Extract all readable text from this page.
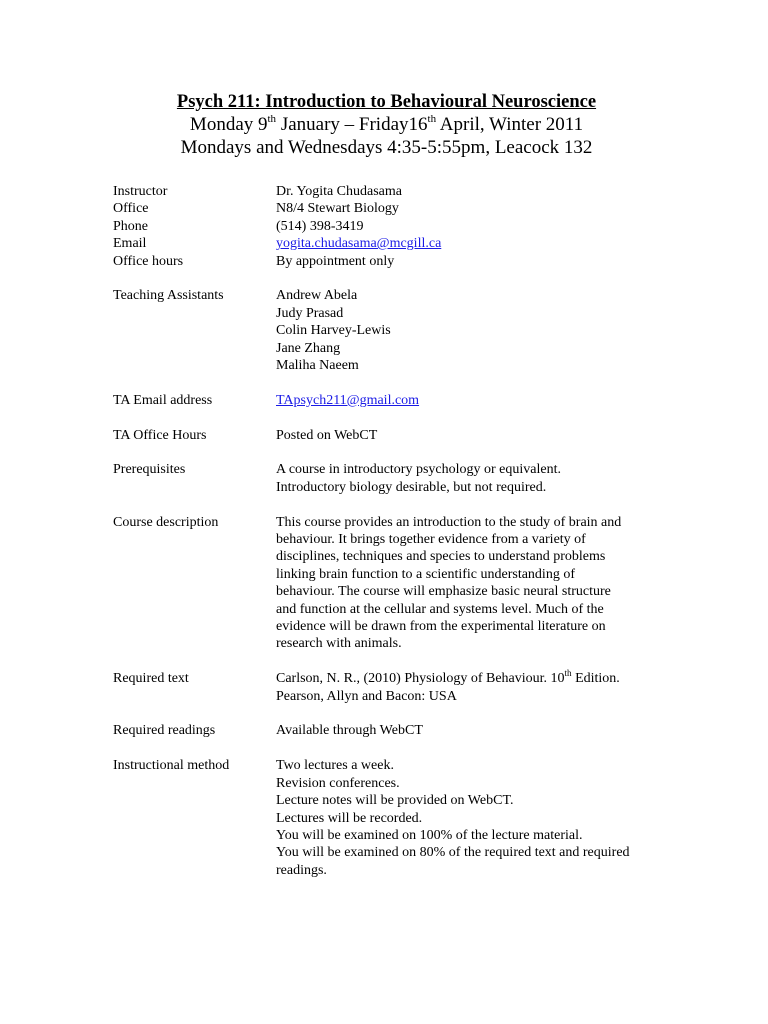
Psych 211: Introduction to Behavioural Neuroscience

Monday 9th January – Friday16th April, Winter 2011

Mondays and Wednesdays 4:35-5:55pm, Leacock 132

Instructor	Dr. Yogita Chudasama
Office	N8/4 Stewart Biology
Phone	(514) 398-3419
Email	yogita.chudasama@mcgill.ca
Office hours	By appointment only
Teaching Assistants	Andrew Abela
Judy Prasad
Colin Harvey-Lewis
Jane Zhang
Maliha Naeem
TA Email address	TApsych211@gmail.com
TA Office Hours	Posted on WebCT
Prerequisites	A course in introductory psychology or equivalent.
Introductory biology desirable, but not required.
Course description	This course provides an introduction to the study of brain and
behaviour. It brings together evidence from a variety of
disciplines, techniques and species to understand problems
linking brain function to a scientific understanding of
behaviour. The course will emphasize basic neural structure
and function at the cellular and systems level. Much of the
evidence will be drawn from the experimental literature on
research with animals.
Required text	Carlson, N. R., (2010) Physiology of Behaviour. 10th Edition.
Pearson, Allyn and Bacon: USA
Required readings	Available through WebCT
Instructional method	Two lectures a week.
Revision conferences.
Lecture notes will be provided on WebCT.
Lectures will be recorded.
You will be examined on 100% of the lecture material.
You will be examined on 80% of the required text and required
readings.
